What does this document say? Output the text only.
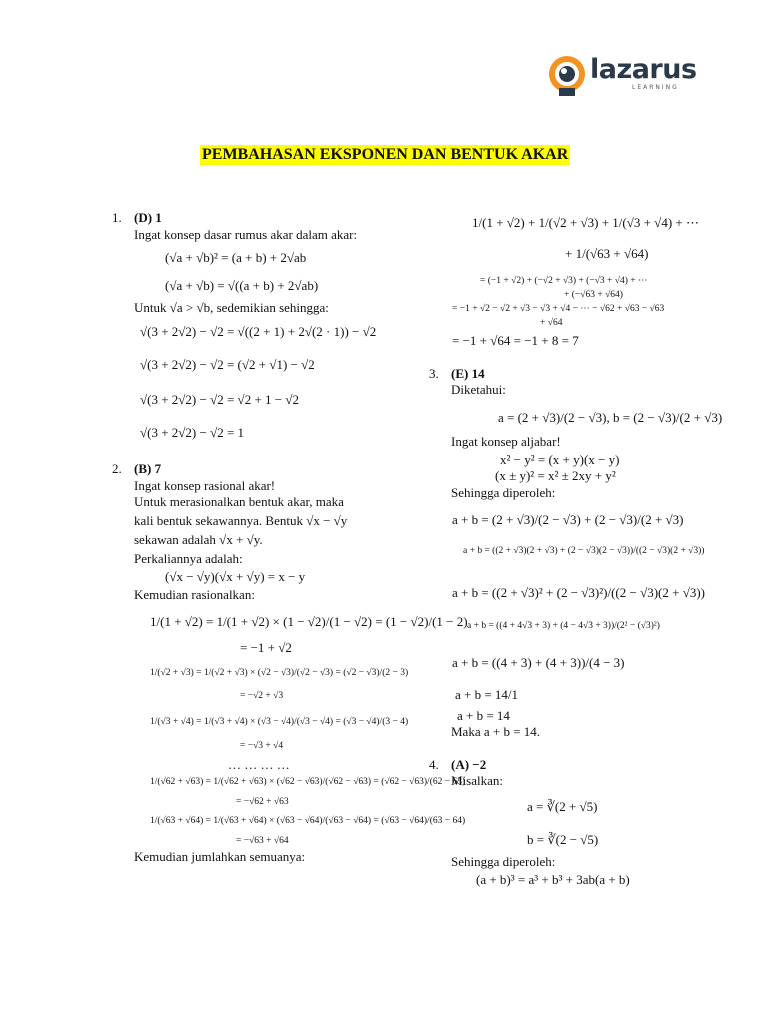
lazarus
LEARNING
PEMBAHASAN EKSPONEN DAN BENTUK AKAR
1. (D) 1
Ingat konsep dasar rumus akar dalam akar:
(√a + √b)² = (a + b) + 2√ab
(√a + √b) = √((a + b) + 2√ab)
Untuk √a > √b, sedemikian sehingga:
√(3 + 2√2) − √2 = √((2 + 1) + 2√(2 · 1)) − √2
√(3 + 2√2) − √2 = (√2 + √1) − √2
√(3 + 2√2) − √2 = √2 + 1 − √2
√(3 + 2√2) − √2 = 1
2. (B) 7
Ingat konsep rasional akar!
Untuk merasionalkan bentuk akar, maka
kali bentuk sekawannya. Bentuk √x − √y
sekawan adalah √x + √y.
Perkaliannya adalah:
(√x − √y)(√x + √y) = x − y
Kemudian rasionalkan:
1/(1 + √2) = 1/(1 + √2) × (1 − √2)/(1 − √2) = (1 − √2)/(1 − 2)
= −1 + √2
1/(√2 + √3) = 1/(√2 + √3) × (√2 − √3)/(√2 − √3) = (√2 − √3)/(2 − 3)
= −√2 + √3
1/(√3 + √4) = 1/(√3 + √4) × (√3 − √4)/(√3 − √4) = (√3 − √4)/(3 − 4)
= −√3 + √4
… … … …
1/(√62 + √63) = 1/(√62 + √63) × (√62 − √63)/(√62 − √63) = (√62 − √63)/(62 − 63)
= −√62 + √63
1/(√63 + √64) = 1/(√63 + √64) × (√63 − √64)/(√63 − √64) = (√63 − √64)/(63 − 64)
= −√63 + √64
Kemudian jumlahkan semuanya:
1/(1 + √2) + 1/(√2 + √3) + 1/(√3 + √4) + ⋯
+ 1/(√63 + √64)
= (−1 + √2) + (−√2 + √3) + (−√3 + √4) + ⋯
+ (−√63 + √64)
= −1 + √2 − √2 + √3 − √3 + √4 − ⋯ − √62 + √63 − √63
+ √64
= −1 + √64 = −1 + 8 = 7
3. (E) 14
Diketahui:
a = (2 + √3)/(2 − √3), b = (2 − √3)/(2 + √3)
Ingat konsep aljabar!
x² − y² = (x + y)(x − y)
(x ± y)² = x² ± 2xy + y²
Sehingga diperoleh:
a + b = (2 + √3)/(2 − √3) + (2 − √3)/(2 + √3)
a + b = ((2 + √3)(2 + √3) + (2 − √3)(2 − √3))/((2 − √3)(2 + √3))
a + b = ((2 + √3)² + (2 − √3)²)/((2 − √3)(2 + √3))
a + b = ((4 + 4√3 + 3) + (4 − 4√3 + 3))/(2² − (√3)²)
a + b = ((4 + 3) + (4 + 3))/(4 − 3)
a + b = 14/1
a + b = 14
Maka a + b = 14.
4. (A) −2
Misalkan:
a = ∛(2 + √5)
b = ∛(2 − √5)
Sehingga diperoleh:
(a + b)³ = a³ + b³ + 3ab(a + b)
